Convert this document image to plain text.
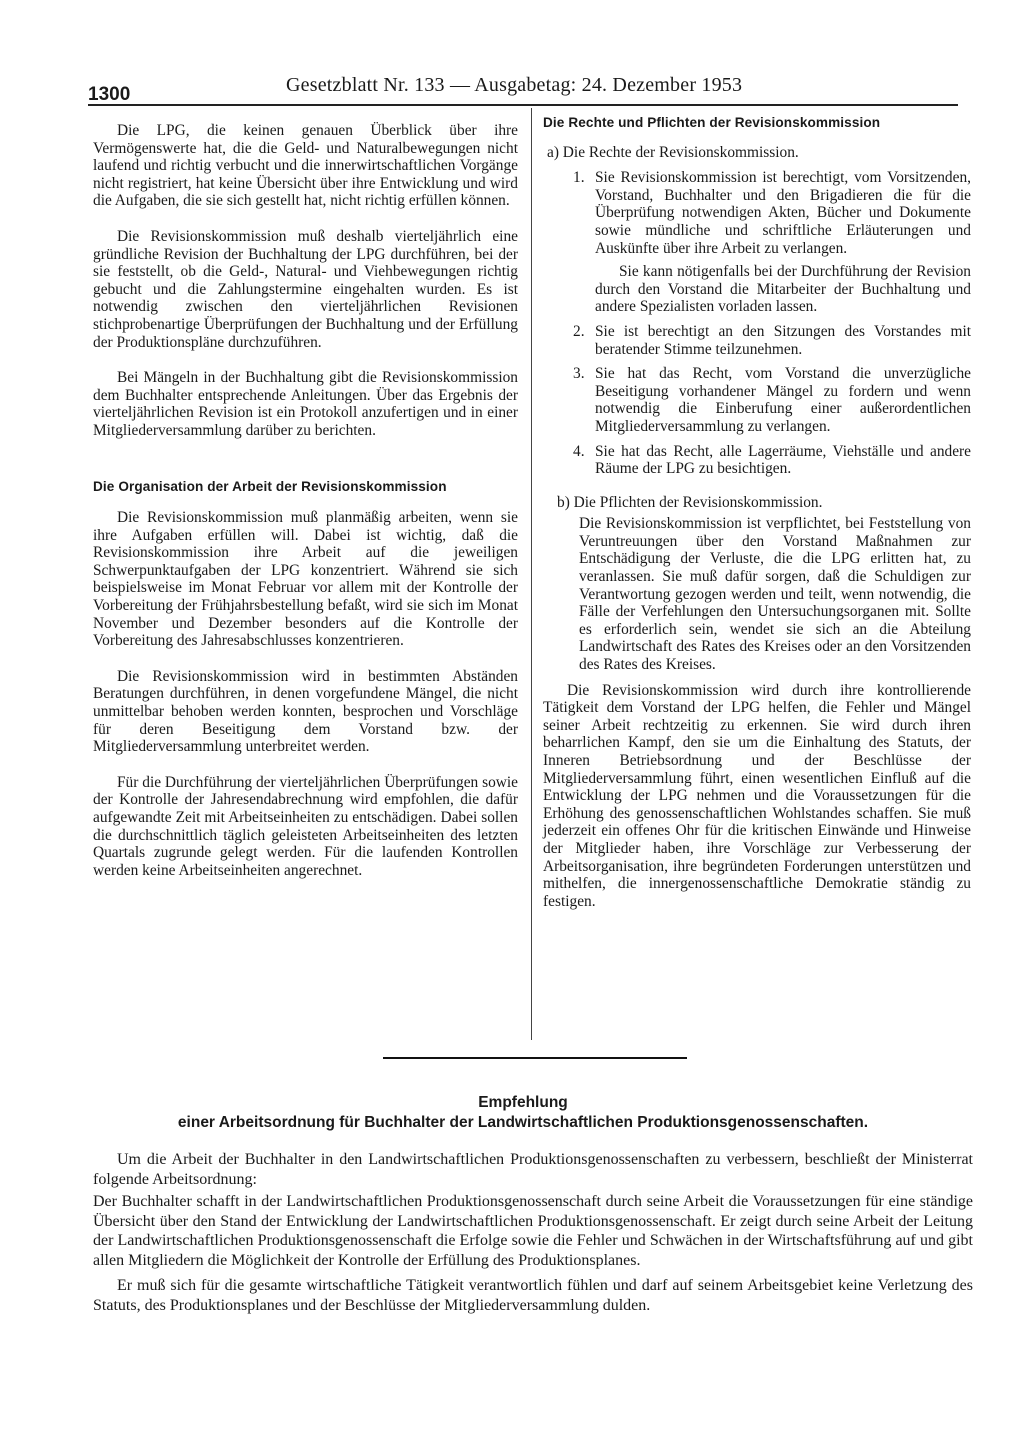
1300	Gesetzblatt Nr. 133 — Ausgabetag: 24. Dezember 1953

Die LPG, die keinen genauen Überblick über ihre Vermögenswerte hat, die die Geld- und Naturalbewegungen nicht laufend und richtig verbucht und die innerwirtschaftlichen Vorgänge nicht registriert, hat keine Übersicht über ihre Entwicklung und wird die Aufgaben, die sie sich gestellt hat, nicht richtig erfüllen können.

Die Revisionskommission muß deshalb vierteljährlich eine gründliche Revision der Buchhaltung der LPG durchführen, bei der sie feststellt, ob die Geld-, Natural- und Viehbewegungen richtig gebucht und die Zahlungstermine eingehalten wurden. Es ist notwendig zwischen den vierteljährlichen Revisionen stichprobenartige Überprüfungen der Buchhaltung und der Erfüllung der Produktionspläne durchzuführen.

Bei Mängeln in der Buchhaltung gibt die Revisionskommission dem Buchhalter entsprechende Anleitungen. Über das Ergebnis der vierteljährlichen Revision ist ein Protokoll anzufertigen und in einer Mitgliederversammlung darüber zu berichten.

Die Organisation der Arbeit der Revisionskommission

Die Revisionskommission muß planmäßig arbeiten, wenn sie ihre Aufgaben erfüllen will. Dabei ist wichtig, daß die Revisionskommission ihre Arbeit auf die jeweiligen Schwerpunktaufgaben der LPG konzentriert. Während sie sich beispielsweise im Monat Februar vor allem mit der Kontrolle der Vorbereitung der Frühjahrsbestellung befaßt, wird sie sich im Monat November und Dezember besonders auf die Kontrolle der Vorbereitung des Jahresabschlusses konzentrieren.

Die Revisionskommission wird in bestimmten Abständen Beratungen durchführen, in denen vorgefundene Mängel, die nicht unmittelbar behoben werden konnten, besprochen und Vorschläge für deren Beseitigung dem Vorstand bzw. der Mitgliederversammlung unterbreitet werden.

Für die Durchführung der vierteljährlichen Überprüfungen sowie der Kontrolle der Jahresendabrechnung wird empfohlen, die dafür aufgewandte Zeit mit Arbeitseinheiten zu entschädigen. Dabei sollen die durchschnittlich täglich geleisteten Arbeitseinheiten des letzten Quartals zugrunde gelegt werden. Für die laufenden Kontrollen werden keine Arbeitseinheiten angerechnet.

Die Rechte und Pflichten der Revisionskommission

a) Die Rechte der Revisionskommission.

1. Sie Revisionskommission ist berechtigt, vom Vorsitzenden, Vorstand, Buchhalter und den Brigadieren die für die Überprüfung notwendigen Akten, Bücher und Dokumente sowie mündliche und schriftliche Erläuterungen und Auskünfte über ihre Arbeit zu verlangen.

Sie kann nötigenfalls bei der Durchführung der Revision durch den Vorstand die Mitarbeiter der Buchhaltung und andere Spezialisten vorladen lassen.

2. Sie ist berechtigt an den Sitzungen des Vorstandes mit beratender Stimme teilzunehmen.

3. Sie hat das Recht, vom Vorstand die unverzügliche Beseitigung vorhandener Mängel zu fordern und wenn notwendig die Einberufung einer außerordentlichen Mitgliederversammlung zu verlangen.

4. Sie hat das Recht, alle Lagerräume, Viehställe und andere Räume der LPG zu besichtigen.

b) Die Pflichten der Revisionskommission.

Die Revisionskommission ist verpflichtet, bei Feststellung von Veruntreuungen über den Vorstand Maßnahmen zur Entschädigung der Verluste, die die LPG erlitten hat, zu veranlassen. Sie muß dafür sorgen, daß die Schuldigen zur Verantwortung gezogen werden und teilt, wenn notwendig, die Fälle der Verfehlungen den Untersuchungsorganen mit. Sollte es erforderlich sein, wendet sie sich an die Abteilung Landwirtschaft des Rates des Kreises oder an den Vorsitzenden des Rates des Kreises.

Die Revisionskommission wird durch ihre kontrollierende Tätigkeit dem Vorstand der LPG helfen, die Fehler und Mängel seiner Arbeit rechtzeitig zu erkennen. Sie wird durch ihren beharrlichen Kampf, den sie um die Einhaltung des Statuts, der Inneren Betriebsordnung und der Beschlüsse der Mitgliederversammlung führt, einen wesentlichen Einfluß auf die Entwicklung der LPG nehmen und die Voraussetzungen für die Erhöhung des genossenschaftlichen Wohlstandes schaffen. Sie muß jederzeit ein offenes Ohr für die kritischen Einwände und Hinweise der Mitglieder haben, ihre Vorschläge zur Verbesserung der Arbeitsorganisation, ihre begründeten Forderungen unterstützen und mithelfen, die innergenossenschaftliche Demokratie ständig zu festigen.

Empfehlung
einer Arbeitsordnung für Buchhalter der Landwirtschaftlichen Produktionsgenossenschaften.

Um die Arbeit der Buchhalter in den Landwirtschaftlichen Produktionsgenossenschaften zu verbessern, beschließt der Ministerrat folgende Arbeitsordnung:

Der Buchhalter schafft in der Landwirtschaftlichen Produktionsgenossenschaft durch seine Arbeit die Voraussetzungen für eine ständige Übersicht über den Stand der Entwicklung der Landwirtschaftlichen Produktionsgenossenschaft. Er zeigt durch seine Arbeit der Leitung der Landwirtschaftlichen Produktionsgenossenschaft die Erfolge sowie die Fehler und Schwächen in der Wirtschaftsführung auf und gibt allen Mitgliedern die Möglichkeit der Kontrolle der Erfüllung des Produktionsplanes.

Er muß sich für die gesamte wirtschaftliche Tätigkeit verantwortlich fühlen und darf auf seinem Arbeitsgebiet keine Verletzung des Statuts, des Produktionsplanes und der Beschlüsse der Mitgliederversammlung dulden.
